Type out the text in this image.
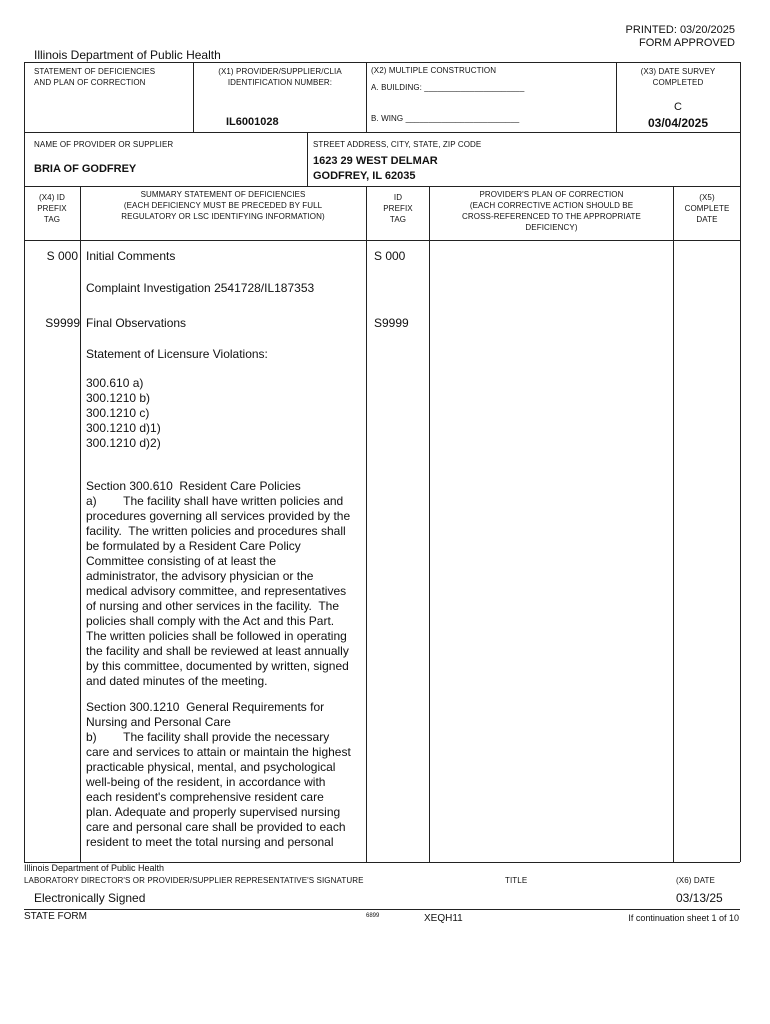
PRINTED: 03/20/2025
FORM APPROVED
Illinois Department of Public Health
STATEMENT OF DEFICIENCIES
AND PLAN OF CORRECTION
(X1) PROVIDER/SUPPLIER/CLIA
IDENTIFICATION NUMBER:
IL6001028
(X2) MULTIPLE CONSTRUCTION
A. BUILDING: ______________________
B. WING _________________________
(X3) DATE SURVEY
COMPLETED
C
03/04/2025
NAME OF PROVIDER OR SUPPLIER
BRIA OF GODFREY
STREET ADDRESS, CITY, STATE, ZIP CODE
1623 29 WEST DELMAR
GODFREY, IL 62035
(X4) ID
PREFIX
TAG
SUMMARY STATEMENT OF DEFICIENCIES
(EACH DEFICIENCY MUST BE PRECEDED BY FULL
REGULATORY OR LSC IDENTIFYING INFORMATION)
ID
PREFIX
TAG
PROVIDER'S PLAN OF CORRECTION
(EACH CORRECTIVE ACTION SHOULD BE
CROSS-REFERENCED TO THE APPROPRIATE
DEFICIENCY)
(X5)
COMPLETE
DATE
S 000 Initial Comments	S 000
Complaint Investigation 2541728/IL187353
S9999 Final Observations	S9999
Statement of Licensure Violations:
300.610 a)
300.1210 b)
300.1210 c)
300.1210 d)1)
300.1210 d)2)
Section 300.610  Resident Care Policies
a)        The facility shall have written policies and
procedures governing all services provided by the
facility.  The written policies and procedures shall
be formulated by a Resident Care Policy
Committee consisting of at least the
administrator, the advisory physician or the
medical advisory committee, and representatives
of nursing and other services in the facility.  The
policies shall comply with the Act and this Part.
The written policies shall be followed in operating
the facility and shall be reviewed at least annually
by this committee, documented by written, signed
and dated minutes of the meeting.
Section 300.1210  General Requirements for
Nursing and Personal Care
b)        The facility shall provide the necessary
care and services to attain or maintain the highest
practicable physical, mental, and psychological
well-being of the resident, in accordance with
each resident's comprehensive resident care
plan. Adequate and properly supervised nursing
care and personal care shall be provided to each
resident to meet the total nursing and personal
Illinois Department of Public Health
LABORATORY DIRECTOR'S OR PROVIDER/SUPPLIER REPRESENTATIVE'S SIGNATURE	TITLE	(X6) DATE
Electronically Signed	03/13/25
STATE FORM	6899	XEQH11	If continuation sheet 1 of 10
